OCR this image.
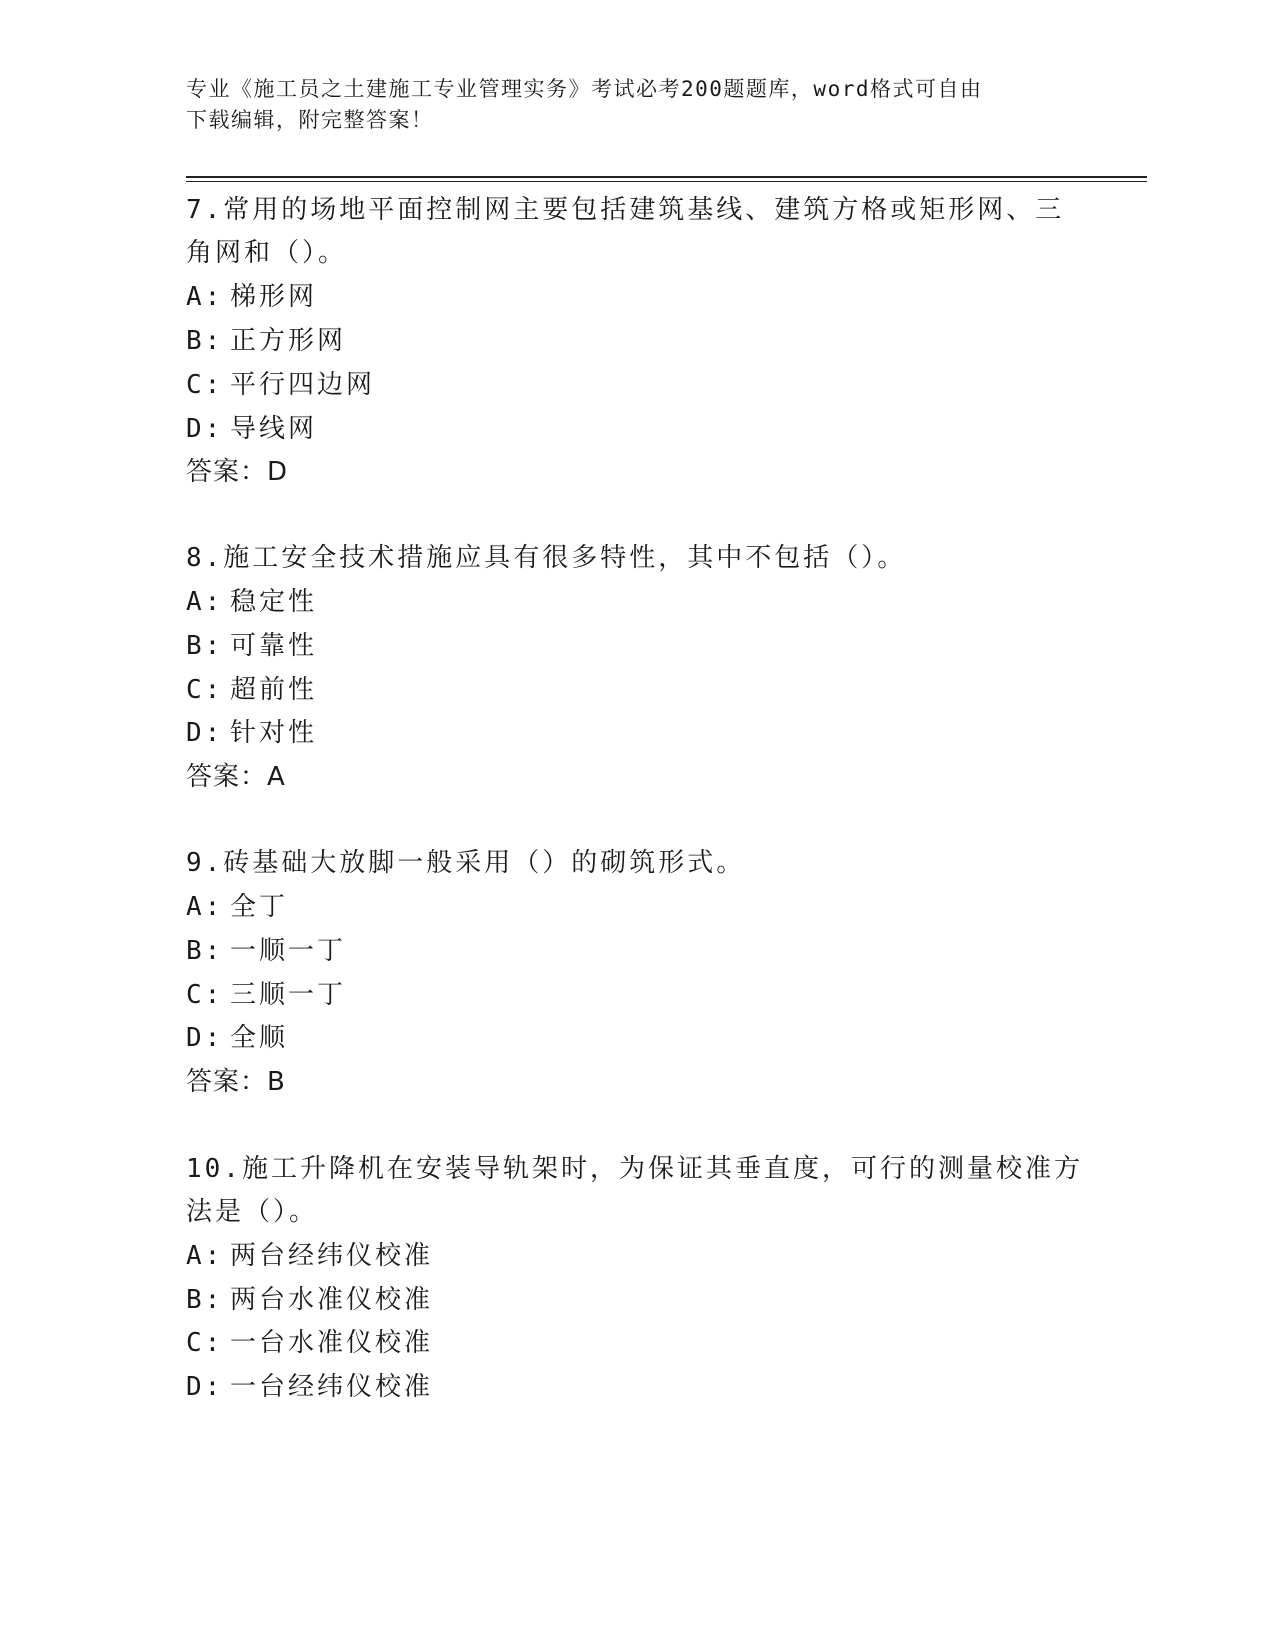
专业《施工员之土建施工专业管理实务》考试必考200题题库，word格式可自由
下载编辑，附完整答案！
7.常用的场地平面控制网主要包括建筑基线、建筑方格或矩形网、三
角网和（）。
A: 梯形网
B: 正方形网
C: 平行四边网
D: 导线网
答案：D
8.施工安全技术措施应具有很多特性，其中不包括（）。
A: 稳定性
B: 可靠性
C: 超前性
D: 针对性
答案：A
9.砖基础大放脚一般采用（）的砌筑形式。
A: 全丁
B: 一顺一丁
C: 三顺一丁
D: 全顺
答案：B
10.施工升降机在安装导轨架时，为保证其垂直度，可行的测量校准方
法是（）。
A: 两台经纬仪校准
B: 两台水准仪校准
C: 一台水准仪校准
D: 一台经纬仪校准
